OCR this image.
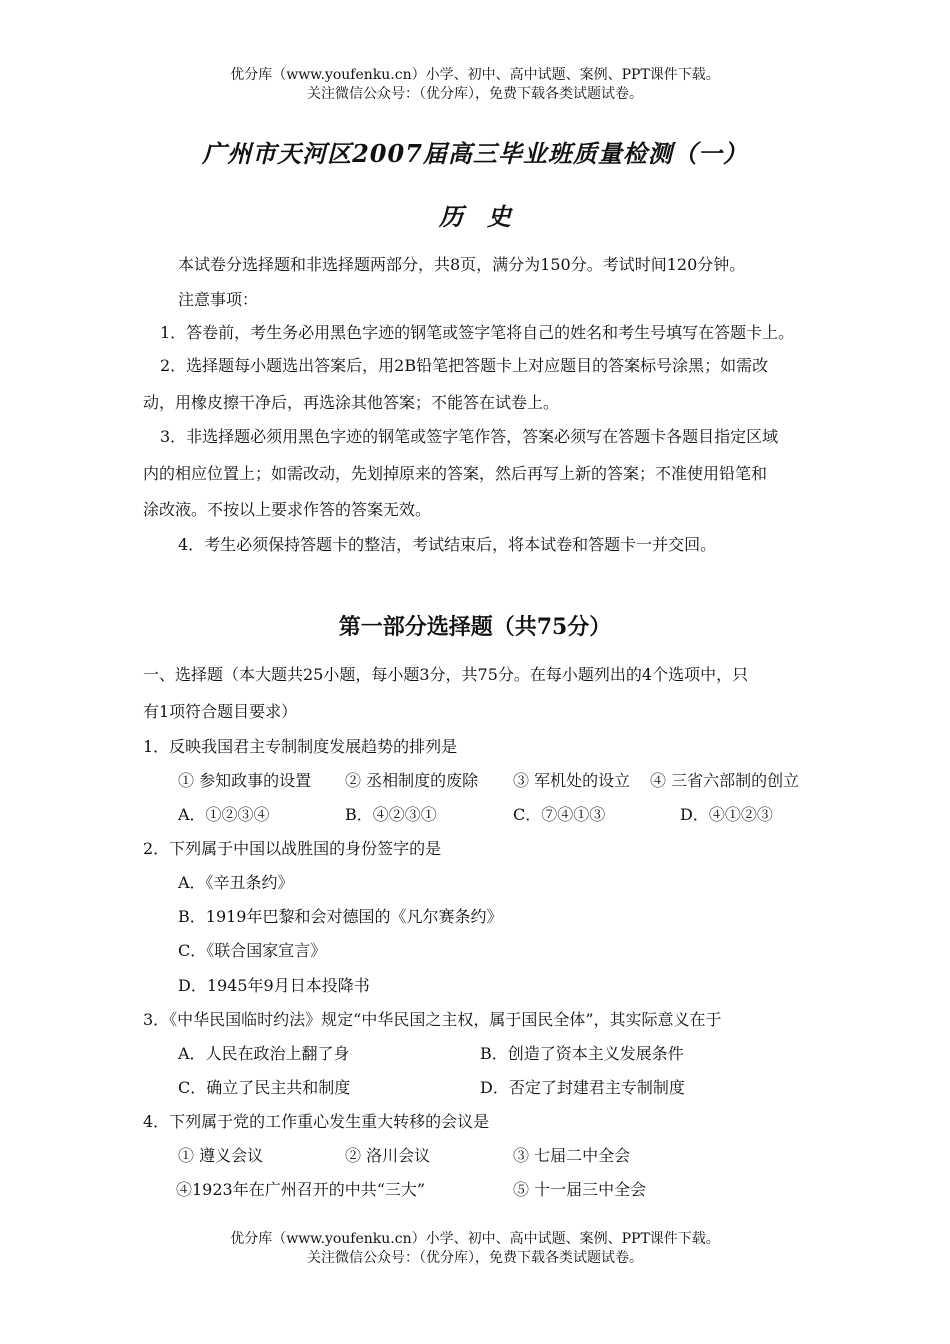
优分库（www.youfenku.cn）小学、初中、高中试题、案例、PPT课件下载。
关注微信公众号：（优分库），免费下载各类试题试卷。
广州市天河区2007届高三毕业班质量检测（一）
历史
本试卷分选择题和非选择题两部分，共8页，满分为150分。考试时间120分钟。
注意事项：
1．答卷前，考生务必用黑色字迹的钢笔或签字笔将自己的姓名和考生号填写在答题卡上。
2．选择题每小题选出答案后，用2B铅笔把答题卡上对应题目的答案标号涂黑；如需改
动，用橡皮擦干净后，再选涂其他答案；不能答在试卷上。
3．非选择题必须用黑色字迹的钢笔或签字笔作答，答案必须写在答题卡各题目指定区域
内的相应位置上；如需改动，先划掉原来的答案，然后再写上新的答案；不准使用铅笔和
涂改液。不按以上要求作答的答案无效。
4．考生必须保持答题卡的整洁，考试结束后，将本试卷和答题卡一并交回。
第一部分选择题（共75分）
一、选择题（本大题共25小题，每小题3分，共75分。在每小题列出的4个选项中，只
有1项符合题目要求）
1．反映我国君主专制制度发展趋势的排列是
① 参知政事的设置 ② 丞相制度的废除 ③ 军机处的设立 ④ 三省六部制的创立
A．①②③④	B．④②③①	C．⑦④①③	D．④①②③
2．下列属于中国以战胜国的身份签字的是
A．《辛丑条约》
B．1919年巴黎和会对德国的《凡尔赛条约》
C．《联合国家宣言》
D．1945年9月日本投降书
3．《中华民国临时约法》规定“中华民国之主权，属于国民全体”，其实际意义在于
A．人民在政治上翻了身	B．创造了资本主义发展条件
C．确立了民主共和制度	D．否定了封建君主专制制度
4．下列属于党的工作重心发生重大转移的会议是
① 遵义会议	② 洛川会议	③ 七届二中全会
④1923年在广州召开的中共“三大”	⑤ 十一届三中全会
优分库（www.youfenku.cn）小学、初中、高中试题、案例、PPT课件下载。
关注微信公众号：（优分库），免费下载各类试题试卷。
